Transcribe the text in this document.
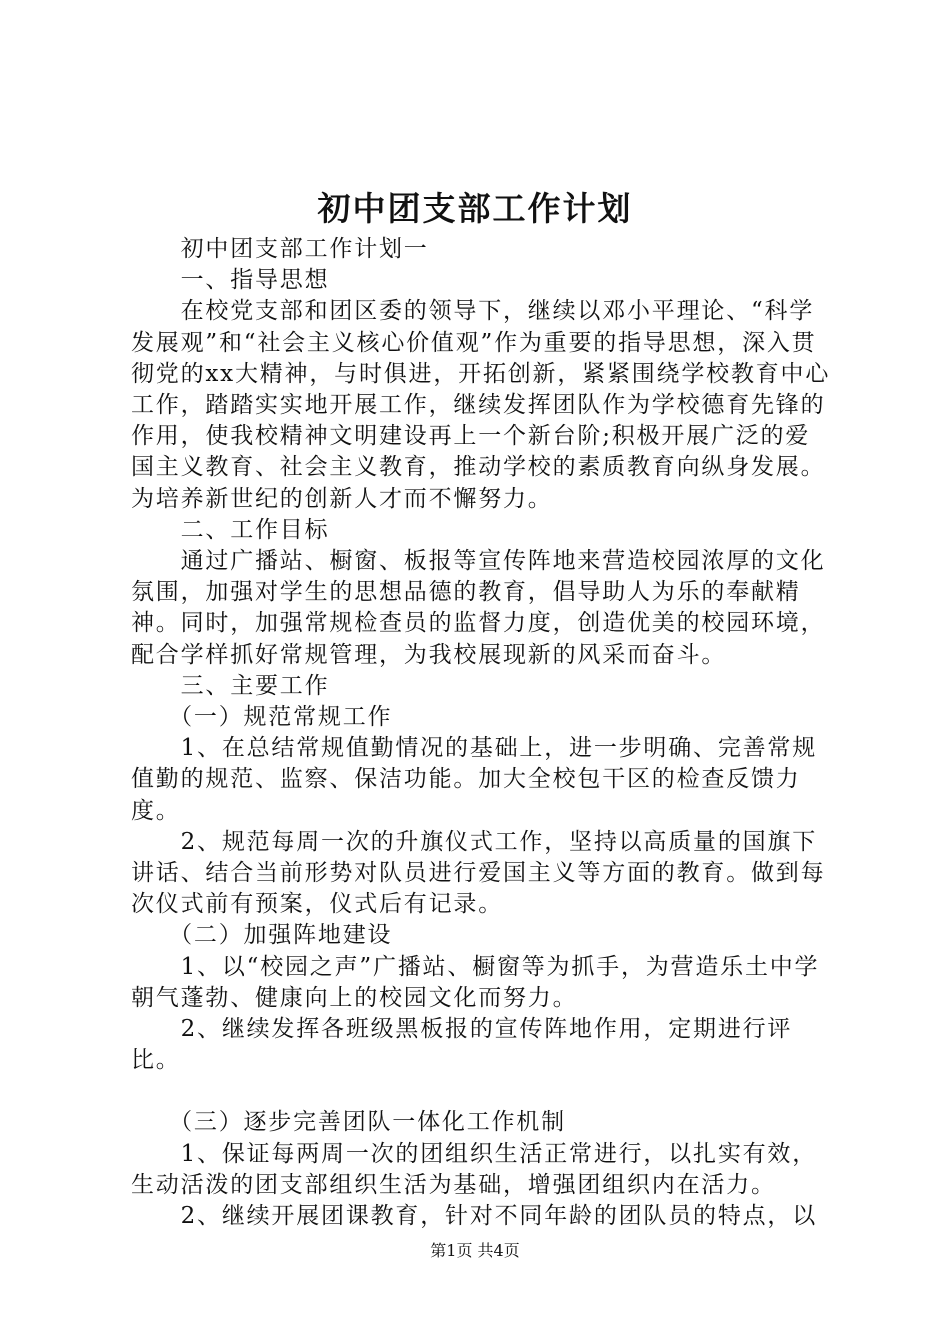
初中团支部工作计划

　　初中团支部工作计划一

　　一、指导思想

　　在校党支部和团区委的领导下，继续以邓小平理论、“科学发展观”和“社会主义核心价值观”作为重要的指导思想，深入贯彻党的xx大精神，与时俱进，开拓创新，紧紧围绕学校教育中心工作，踏踏实实地开展工作，继续发挥团队作为学校德育先锋的作用，使我校精神文明建设再上一个新台阶;积极开展广泛的爱国主义教育、社会主义教育，推动学校的素质教育向纵身发展。为培养新世纪的创新人才而不懈努力。

　　二、工作目标

　　通过广播站、橱窗、板报等宣传阵地来营造校园浓厚的文化氛围，加强对学生的思想品德的教育，倡导助人为乐的奉献精神。同时，加强常规检查员的监督力度，创造优美的校园环境，配合学样抓好常规管理，为我校展现新的风采而奋斗。

　　三、主要工作

　　（一）规范常规工作

　　1、在总结常规值勤情况的基础上，进一步明确、完善常规值勤的规范、监察、保洁功能。加大全校包干区的检查反馈力度。

　　2、规范每周一次的升旗仪式工作，坚持以高质量的国旗下讲话、结合当前形势对队员进行爱国主义等方面的教育。做到每次仪式前有预案，仪式后有记录。

　　（二）加强阵地建设

　　1、以“校园之声”广播站、橱窗等为抓手，为营造乐土中学朝气蓬勃、健康向上的校园文化而努力。

　　2、继续发挥各班级黑板报的宣传阵地作用，定期进行评比。

　　（三）逐步完善团队一体化工作机制

　　1、保证每两周一次的团组织生活正常进行，以扎实有效，生动活泼的团支部组织生活为基础，增强团组织内在活力。

　　2、继续开展团课教育，针对不同年龄的团队员的特点，以

第1页 共4页
